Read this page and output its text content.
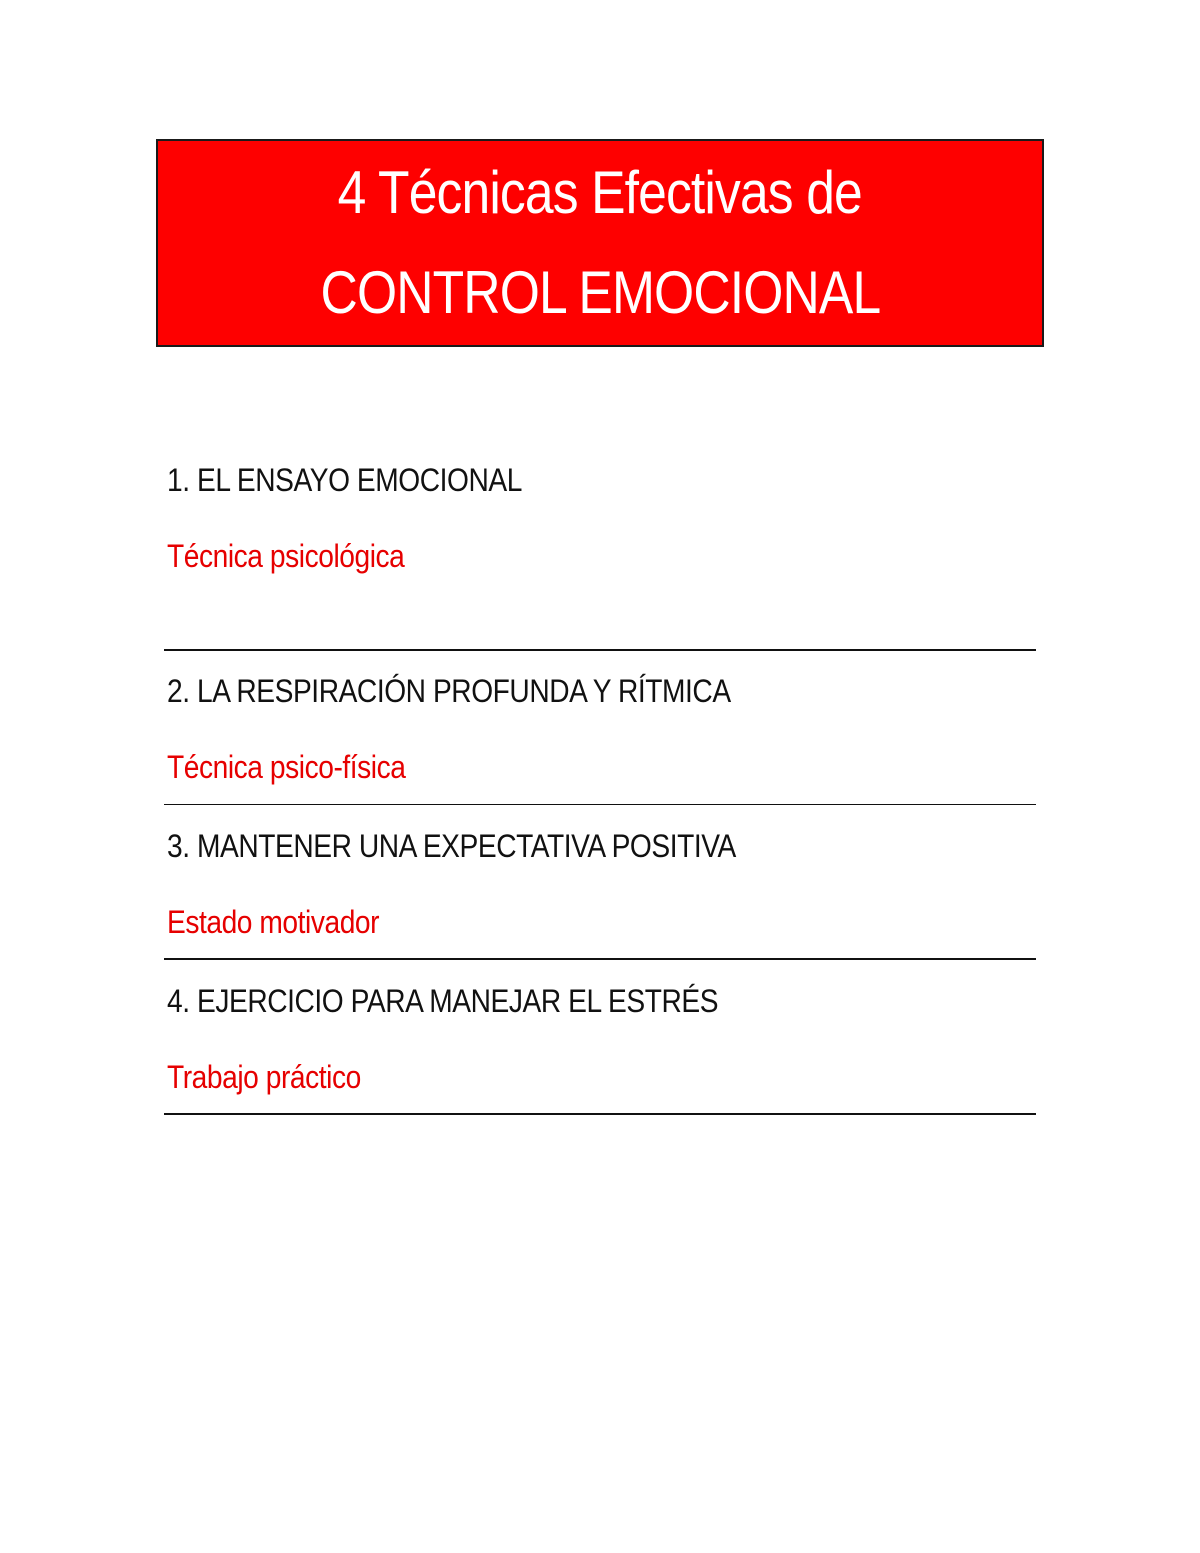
4 Técnicas Efectivas de
CONTROL EMOCIONAL
1. EL ENSAYO EMOCIONAL
Técnica psicológica
2. LA RESPIRACIÓN PROFUNDA Y RÍTMICA
Técnica psico-física
3. MANTENER UNA EXPECTATIVA POSITIVA
Estado motivador
4. EJERCICIO PARA MANEJAR EL ESTRÉS
Trabajo práctico
